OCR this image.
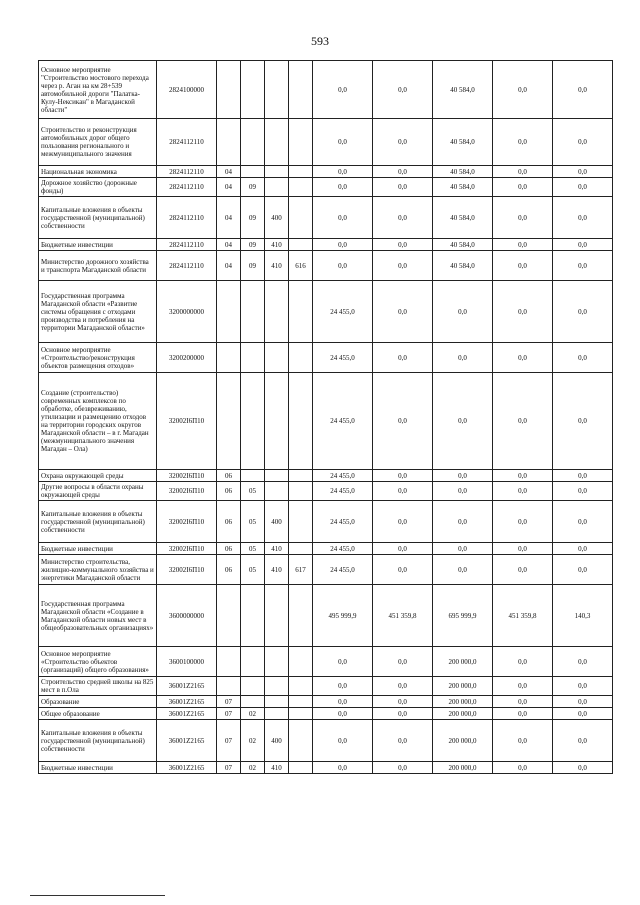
593
Основное мероприятие "Строительство мостового перехода через р. Аган на км 28+539 автомобильной дороги "Палатка-Кулу-Нексикан" в Магаданской области"	2824100000					0,0	0,0	40 584,0	0,0	0,0
Строительство и реконструкция автомобильных дорог общего пользования регионального и межмуниципального значения	2824112110					0,0	0,0	40 584,0	0,0	0,0
Национальная экономика	2824112110	04				0,0	0,0	40 584,0	0,0	0,0
Дорожное хозяйство (дорожные фонды)	2824112110	04	09			0,0	0,0	40 584,0	0,0	0,0
Капитальные вложения в объекты государственной (муниципальной) собственности	2824112110	04	09	400		0,0	0,0	40 584,0	0,0	0,0
Бюджетные инвестиции	2824112110	04	09	410		0,0	0,0	40 584,0	0,0	0,0
Министерство дорожного хозяйства и транспорта Магаданской области	2824112110	04	09	410	616	0,0	0,0	40 584,0	0,0	0,0
Государственная программа Магаданской области «Развитие системы обращения с отходами производства и потребления на территории Магаданской области»	3200000000					24 455,0	0,0	0,0	0,0	0,0
Основное мероприятие «Строительство/реконструкция объектов размещения отходов»	3200200000					24 455,0	0,0	0,0	0,0	0,0
Создание (строительство) современных комплексов по обработке, обезвреживанию, утилизации и размещению отходов на территории городских округов Магаданской области – в г. Магадан (межмуниципального значения Магадан – Ола)	32002I6П10					24 455,0	0,0	0,0	0,0	0,0
Охрана окружающей среды	32002I6П10	06				24 455,0	0,0	0,0	0,0	0,0
Другие вопросы в области охраны окружающей среды	32002I6П10	06	05			24 455,0	0,0	0,0	0,0	0,0
Капитальные вложения в объекты государственной (муниципальной) собственности	32002I6П10	06	05	400		24 455,0	0,0	0,0	0,0	0,0
Бюджетные инвестиции	32002I6П10	06	05	410		24 455,0	0,0	0,0	0,0	0,0
Министерство строительства, жилищно-коммунального хозяйства и энергетики Магаданской области	32002I6П10	06	05	410	617	24 455,0	0,0	0,0	0,0	0,0
Государственная программа Магаданской области «Создание в Магаданской области новых мест в общеобразовательных организациях»	3600000000					495 999,9	451 359,8	695 999,9	451 359,8	140,3
Основное мероприятие «Строительство объектов (организаций) общего образования»	3600100000					0,0	0,0	200 000,0	0,0	0,0
Строительство средней школы на 825 мест в п.Ола	36001Z2165					0,0	0,0	200 000,0	0,0	0,0
Образование	36001Z2165	07				0,0	0,0	200 000,0	0,0	0,0
Общее образование	36001Z2165	07	02			0,0	0,0	200 000,0	0,0	0,0
Капитальные вложения в объекты государственной (муниципальной) собственности	36001Z2165	07	02	400		0,0	0,0	200 000,0	0,0	0,0
Бюджетные инвестиции	36001Z2165	07	02	410		0,0	0,0	200 000,0	0,0	0,0
